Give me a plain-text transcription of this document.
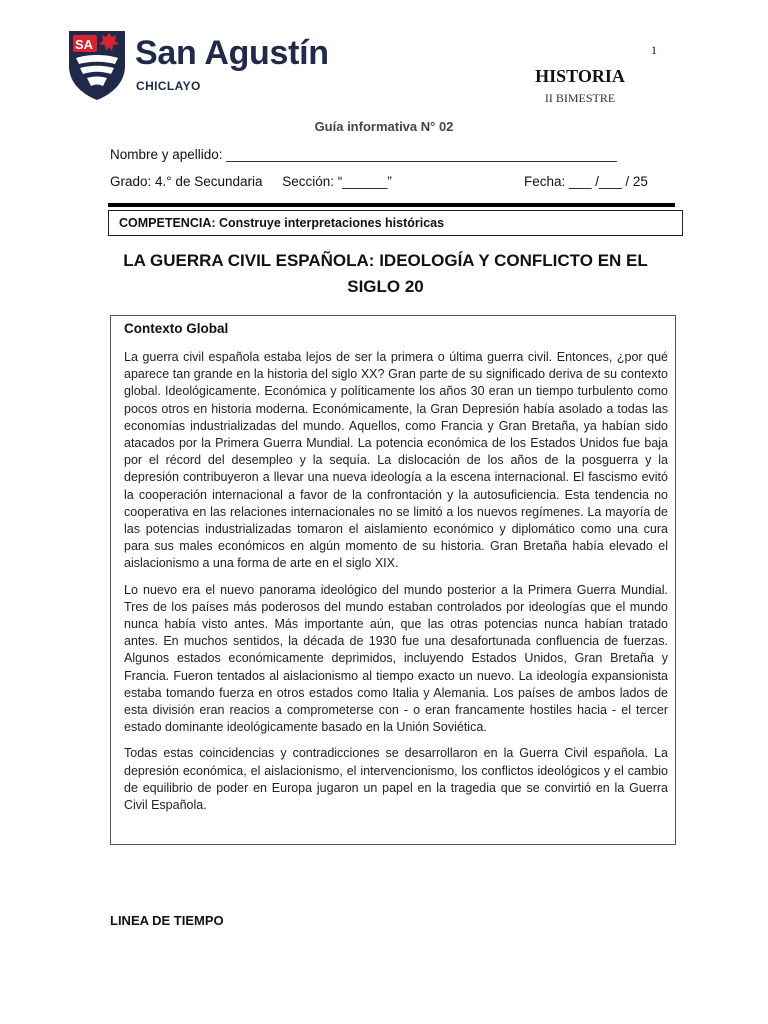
SA San Agustín
CHICLAYO
1
HISTORIA
II BIMESTRE
Guía informativa N° 02
Nombre y apellido: ____________________________________________________
Grado: 4.° de Secundaria Sección: “______”	Fecha: ___ /___ / 25
COMPETENCIA: Construye interpretaciones históricas
LA GUERRA CIVIL ESPAÑOLA: IDEOLOGÍA Y CONFLICTO EN EL SIGLO 20

Contexto Global

La guerra civil española estaba lejos de ser la primera o última guerra civil. Entonces, ¿por qué aparece tan grande en la historia del siglo XX? Gran parte de su significado deriva de su contexto global. Ideológicamente. Económica y políticamente los años 30 eran un tiempo turbulento como pocos otros en historia moderna. Económicamente, la Gran Depresión había asolado a todas las economías industrializadas del mundo. Aquellos, como Francia y Gran Bretaña, ya habían sido atacados por la Primera Guerra Mundial. La potencia económica de los Estados Unidos fue baja por el récord del desempleo y la sequía. La dislocación de los años de la posguerra y la depresión contribuyeron a llevar una nueva ideología a la escena internacional. El fascismo evitó la cooperación internacional a favor de la confrontación y la autosuficiencia. Esta tendencia no cooperativa en las relaciones internacionales no se limitó a los nuevos regímenes. La mayoría de las potencias industrializadas tomaron el aislamiento económico y diplomático como una cura para sus males económicos en algún momento de su historia. Gran Bretaña había elevado el aislacionismo a una forma de arte en el siglo XIX.

Lo nuevo era el nuevo panorama ideológico del mundo posterior a la Primera Guerra Mundial. Tres de los países más poderosos del mundo estaban controlados por ideologías que el mundo nunca había visto antes. Más importante aún, que las otras potencias nunca habían tratado antes. En muchos sentidos, la década de 1930 fue una desafortunada confluencia de fuerzas. Algunos estados económicamente deprimidos, incluyendo Estados Unidos, Gran Bretaña y Francia. Fueron tentados al aislacionismo al tiempo exacto un nuevo. La ideología expansionista estaba tomando fuerza en otros estados como Italia y Alemania. Los países de ambos lados de esta división eran reacios a comprometerse con - o eran francamente hostiles hacia - el tercer estado dominante ideológicamente basado en la Unión Soviética.

Todas estas coincidencias y contradicciones se desarrollaron en la Guerra Civil española. La depresión económica, el aislacionismo, el intervencionismo, los conflictos ideológicos y el cambio de equilibrio de poder en Europa jugaron un papel en la tragedia que se convirtió en la Guerra Civil Española.

LINEA DE TIEMPO
